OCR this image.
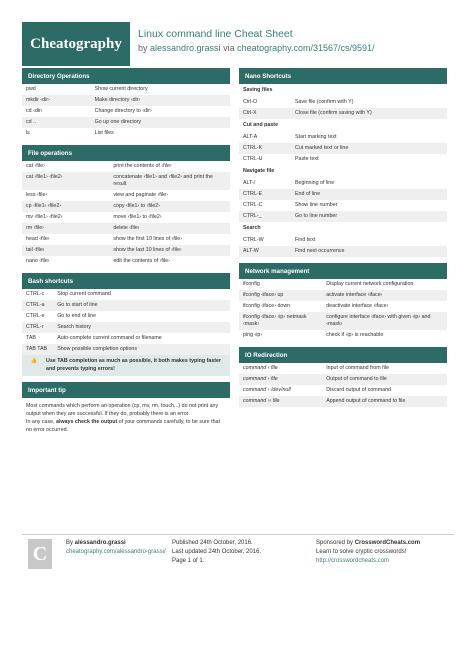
Cheatography
Linux command line Cheat Sheet
by alessandro.grassi via cheatography.com/31567/cs/9591/
Directory Operations
pwd	Show current directory
mkdir ‹dir›	Make directory ‹dir›
cd ‹dir›	Change directory to ‹dir›
cd ..	Go up one directory
ls	List files
File operations
cat ‹file›	print the contents of ‹file›
cat ‹file1› ‹file2›	concatenate ‹file1› and ‹file2› and print the result
less ‹file›	view and paginate ‹file›
cp ‹file1› ‹file2›	copy ‹file1› to ‹file2›
mv ‹file1› ‹file2›	move ‹file1› to ‹file2›
rm ‹file›	delete ‹file›
head ‹file›	show the first 10 lines of ‹file›
tail ‹file›	show the last 10 lines of ‹file›
nano ‹file›	edit the contents of ‹file›
Bash shortcuts
CTRL-c	Stop current command
CTRL-a	Go to start of line
CTRL-e	Go to end of line
CTRL-r	Search history
TAB	Auto-complete current command or filename
TAB TAB	Show possible completion options
👍	Use TAB completion as much as possible, it both makes typing faster and prevents typing errors!
Important tip
Most commands which perform an operation (cp, mv, rm, touch...) do not print any output when they are successful. If they do, probably there is an error.
In any case, always check the output of your commands carefully, to be sure that no error occurred.
Nano Shortcuts
Saving files	
Ctrl-O	Save file (confirm with Y)
Ctrl-X	Close file (confirm saving with Y)
Cut and paste	
ALT-A	Start marking text
CTRL-K	Cut marked text or line
CTRL-U	Paste text
Navigate file	
ALT-/	Beginning of line
CTRL-E	End of line
CTRL-C	Show line number
CTRL-_	Go to line number
Search	
CTRL-W	Find text
ALT-W	Find next occurrence
Network management
ifconfig	Display current network configuration
ifconfig ‹iface› up	activate interface ‹iface›
ifconfig ‹iface› down	deactivate interface ‹iface›
ifconfig ‹iface› ‹ip› netmask ‹mask›	configure interface ‹iface› with given ‹ip› and ‹mask›
ping ‹ip›	check if ‹ip› is reachable
IO Redirection
command ‹ file	Input of command from file
command › file	Output of command to file
command › /dev/null	Discard output of command
command ›› file	Append output of command to file
C	By alessandro.grassi
cheatography.com/alessandro-grassi/
Published 24th October, 2016.
Last updated 24th October, 2016.
Page 1 of 1.
Sponsored by CrosswordCheats.com
Learn to solve cryptic crosswords!
http://crosswordcheats.com
